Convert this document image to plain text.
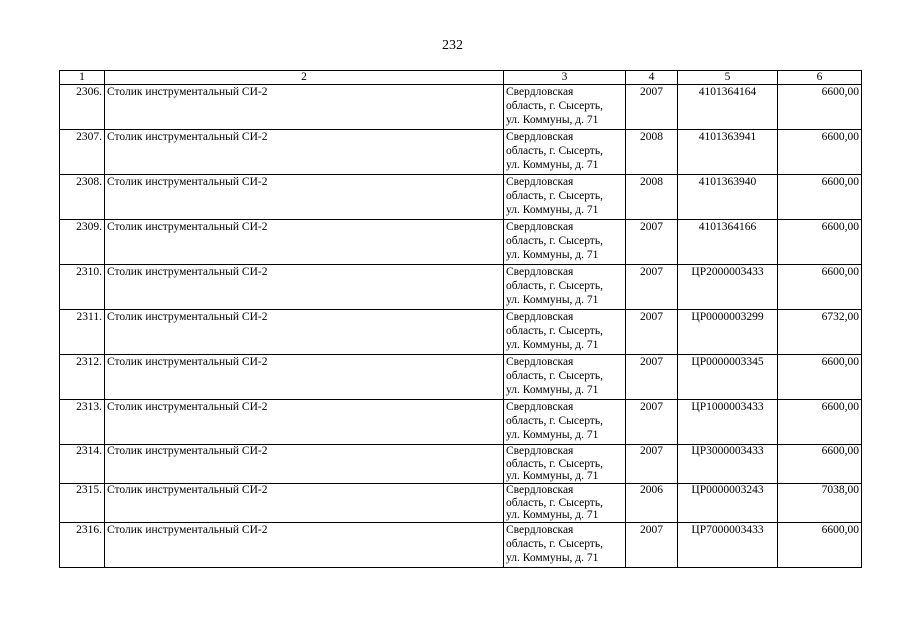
232
1	2	3	4	5	6
2306.	Столик инструментальный СИ-2	Свердловская
область, г. Сысерть,
ул. Коммуны, д. 71	2007	4101364164	6600,00
2307.	Столик инструментальный СИ-2	Свердловская
область, г. Сысерть,
ул. Коммуны, д. 71	2008	4101363941	6600,00
2308.	Столик инструментальный СИ-2	Свердловская
область, г. Сысерть,
ул. Коммуны, д. 71	2008	4101363940	6600,00
2309.	Столик инструментальный СИ-2	Свердловская
область, г. Сысерть,
ул. Коммуны, д. 71	2007	4101364166	6600,00
2310.	Столик инструментальный СИ-2	Свердловская
область, г. Сысерть,
ул. Коммуны, д. 71	2007	ЦР2000003433	6600,00
2311.	Столик инструментальный СИ-2	Свердловская
область, г. Сысерть,
ул. Коммуны, д. 71	2007	ЦР0000003299	6732,00
2312.	Столик инструментальный СИ-2	Свердловская
область, г. Сысерть,
ул. Коммуны, д. 71	2007	ЦР0000003345	6600,00
2313.	Столик инструментальный СИ-2	Свердловская
область, г. Сысерть,
ул. Коммуны, д. 71	2007	ЦР1000003433	6600,00
2314.	Столик инструментальный СИ-2	Свердловская
область, г. Сысерть,
ул. Коммуны, д. 71	2007	ЦР3000003433	6600,00
2315.	Столик инструментальный СИ-2	Свердловская
область, г. Сысерть,
ул. Коммуны, д. 71	2006	ЦР0000003243	7038,00
2316.	Столик инструментальный СИ-2	Свердловская
область, г. Сысерть,
ул. Коммуны, д. 71	2007	ЦР7000003433	6600,00
